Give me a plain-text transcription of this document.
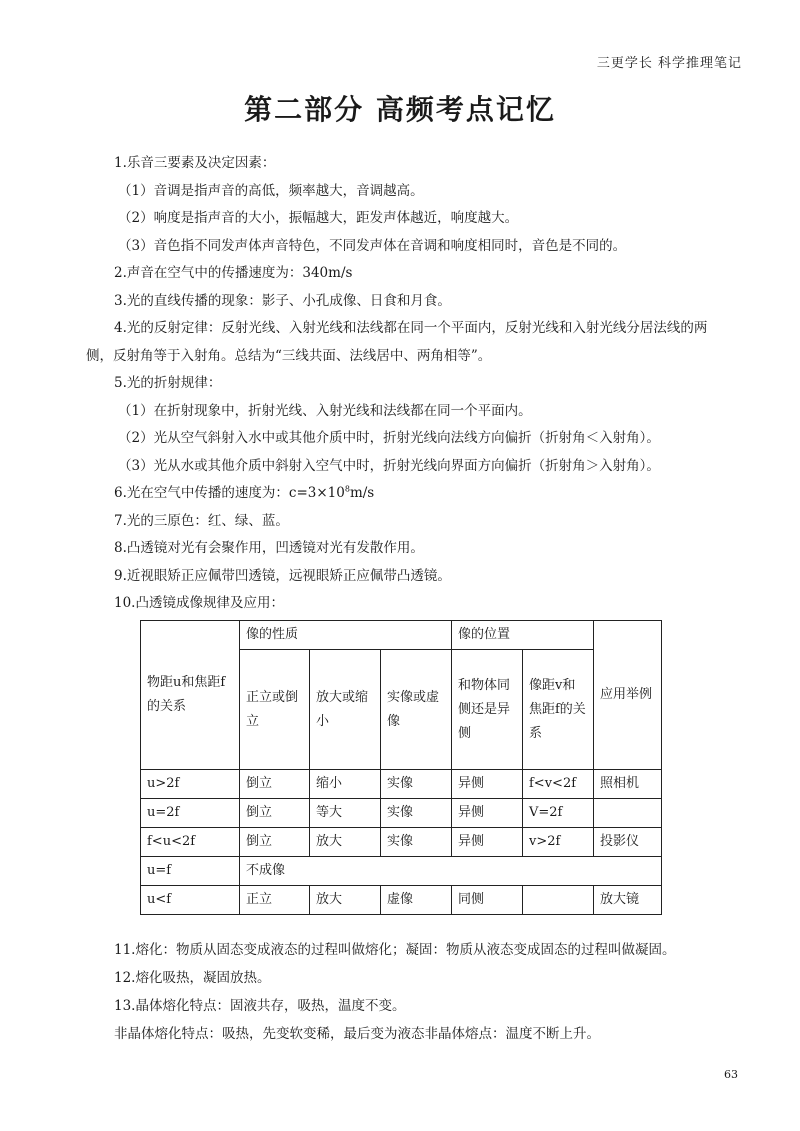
三更学长 科学推理笔记
第二部分 高频考点记忆
1.乐音三要素及决定因素：
（1）音调是指声音的高低，频率越大，音调越高。
（2）响度是指声音的大小，振幅越大，距发声体越近，响度越大。
（3）音色指不同发声体声音特色，不同发声体在音调和响度相同时，音色是不同的。
2.声音在空气中的传播速度为：340m/s
3.光的直线传播的现象：影子、小孔成像、日食和月食。
4.光的反射定律：反射光线、入射光线和法线都在同一个平面内，反射光线和入射光线分居法线的两
侧，反射角等于入射角。总结为“三线共面、法线居中、两角相等”。
5.光的折射规律：
（1）在折射现象中，折射光线、入射光线和法线都在同一个平面内。
（2）光从空气斜射入水中或其他介质中时，折射光线向法线方向偏折（折射角＜入射角）。
（3）光从水或其他介质中斜射入空气中时，折射光线向界面方向偏折（折射角＞入射角）。
6.光在空气中传播的速度为：$c=3\times 10^8m/s$
7.光的三原色：红、绿、蓝。
8.凸透镜对光有会聚作用，凹透镜对光有发散作用。
9.近视眼矫正应佩带凹透镜，远视眼矫正应佩带凸透镜。
10.凸透镜成像规律及应用：
物距u和焦距f的关系	像的性质			像的位置		应用举例
	正立或倒立	放大或缩小	实像或虚像	和物体同侧还是异侧	像距v和焦距f的关系	
u>2f	倒立	缩小	实像	异侧	f<v<2f	照相机
u=2f	倒立	等大	实像	异侧	V=2f	
f<u<2f	倒立	放大	实像	异侧	v>2f	投影仪
u=f	不成像					
u<f	正立	放大	虚像	同侧		放大镜
11.熔化：物质从固态变成液态的过程叫做熔化；凝固：物质从液态变成固态的过程叫做凝固。
12.熔化吸热，凝固放热。
13.晶体熔化特点：固液共存，吸热，温度不变。
非晶体熔化特点：吸热，先变软变稀，最后变为液态非晶体熔点：温度不断上升。
63
